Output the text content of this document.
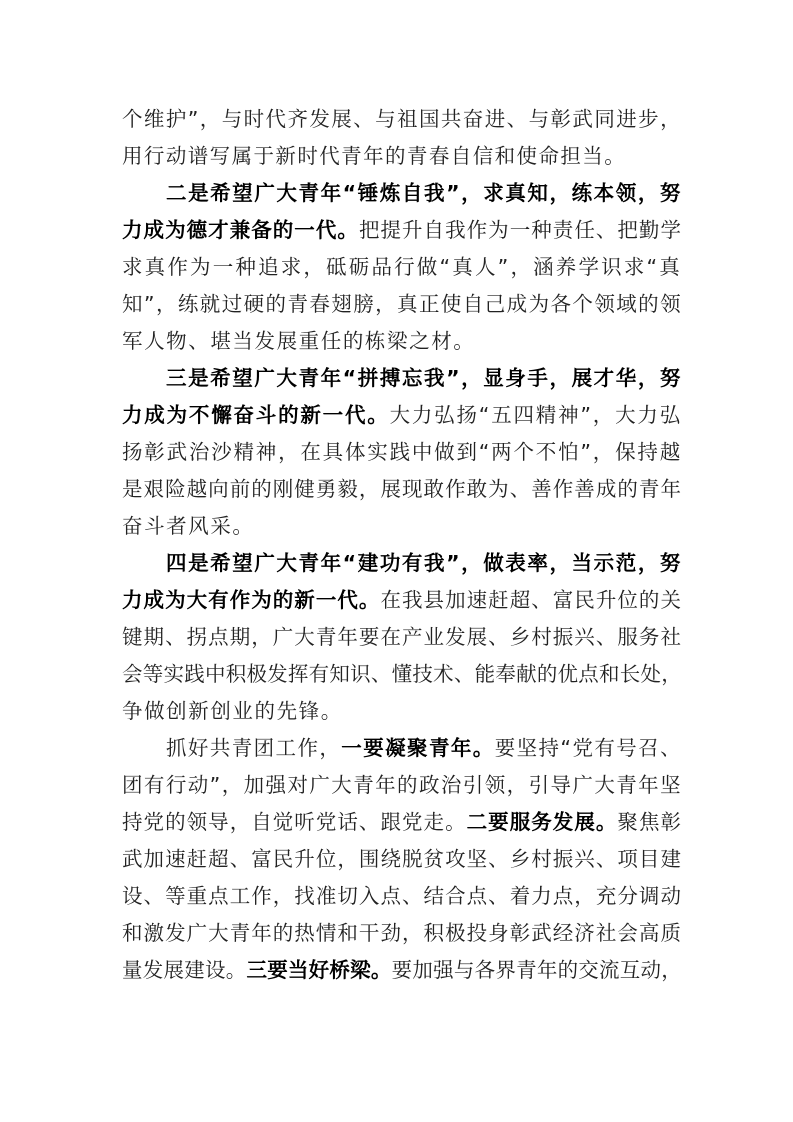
个维护”，与时代齐发展、与祖国共奋进、与彰武同进步，
用行动谱写属于新时代青年的青春自信和使命担当。
二是希望广大青年“锤炼自我”，求真知，练本领，努
力成为德才兼备的一代。把提升自我作为一种责任、把勤学
求真作为一种追求，砥砺品行做“真人”，涵养学识求“真
知”，练就过硬的青春翅膀，真正使自己成为各个领域的领
军人物、堪当发展重任的栋梁之材。
三是希望广大青年“拼搏忘我”，显身手，展才华，努
力成为不懈奋斗的新一代。大力弘扬“五四精神”，大力弘
扬彰武治沙精神，在具体实践中做到“两个不怕”，保持越
是艰险越向前的刚健勇毅，展现敢作敢为、善作善成的青年
奋斗者风采。
四是希望广大青年“建功有我”，做表率，当示范，努
力成为大有作为的新一代。在我县加速赶超、富民升位的关
键期、拐点期，广大青年要在产业发展、乡村振兴、服务社
会等实践中积极发挥有知识、懂技术、能奉献的优点和长处，
争做创新创业的先锋。
抓好共青团工作，一要凝聚青年。要坚持“党有号召、
团有行动”，加强对广大青年的政治引领，引导广大青年坚
持党的领导，自觉听党话、跟党走。二要服务发展。聚焦彰
武加速赶超、富民升位，围绕脱贫攻坚、乡村振兴、项目建
设、等重点工作，找准切入点、结合点、着力点，充分调动
和激发广大青年的热情和干劲，积极投身彰武经济社会高质
量发展建设。三要当好桥梁。要加强与各界青年的交流互动，
